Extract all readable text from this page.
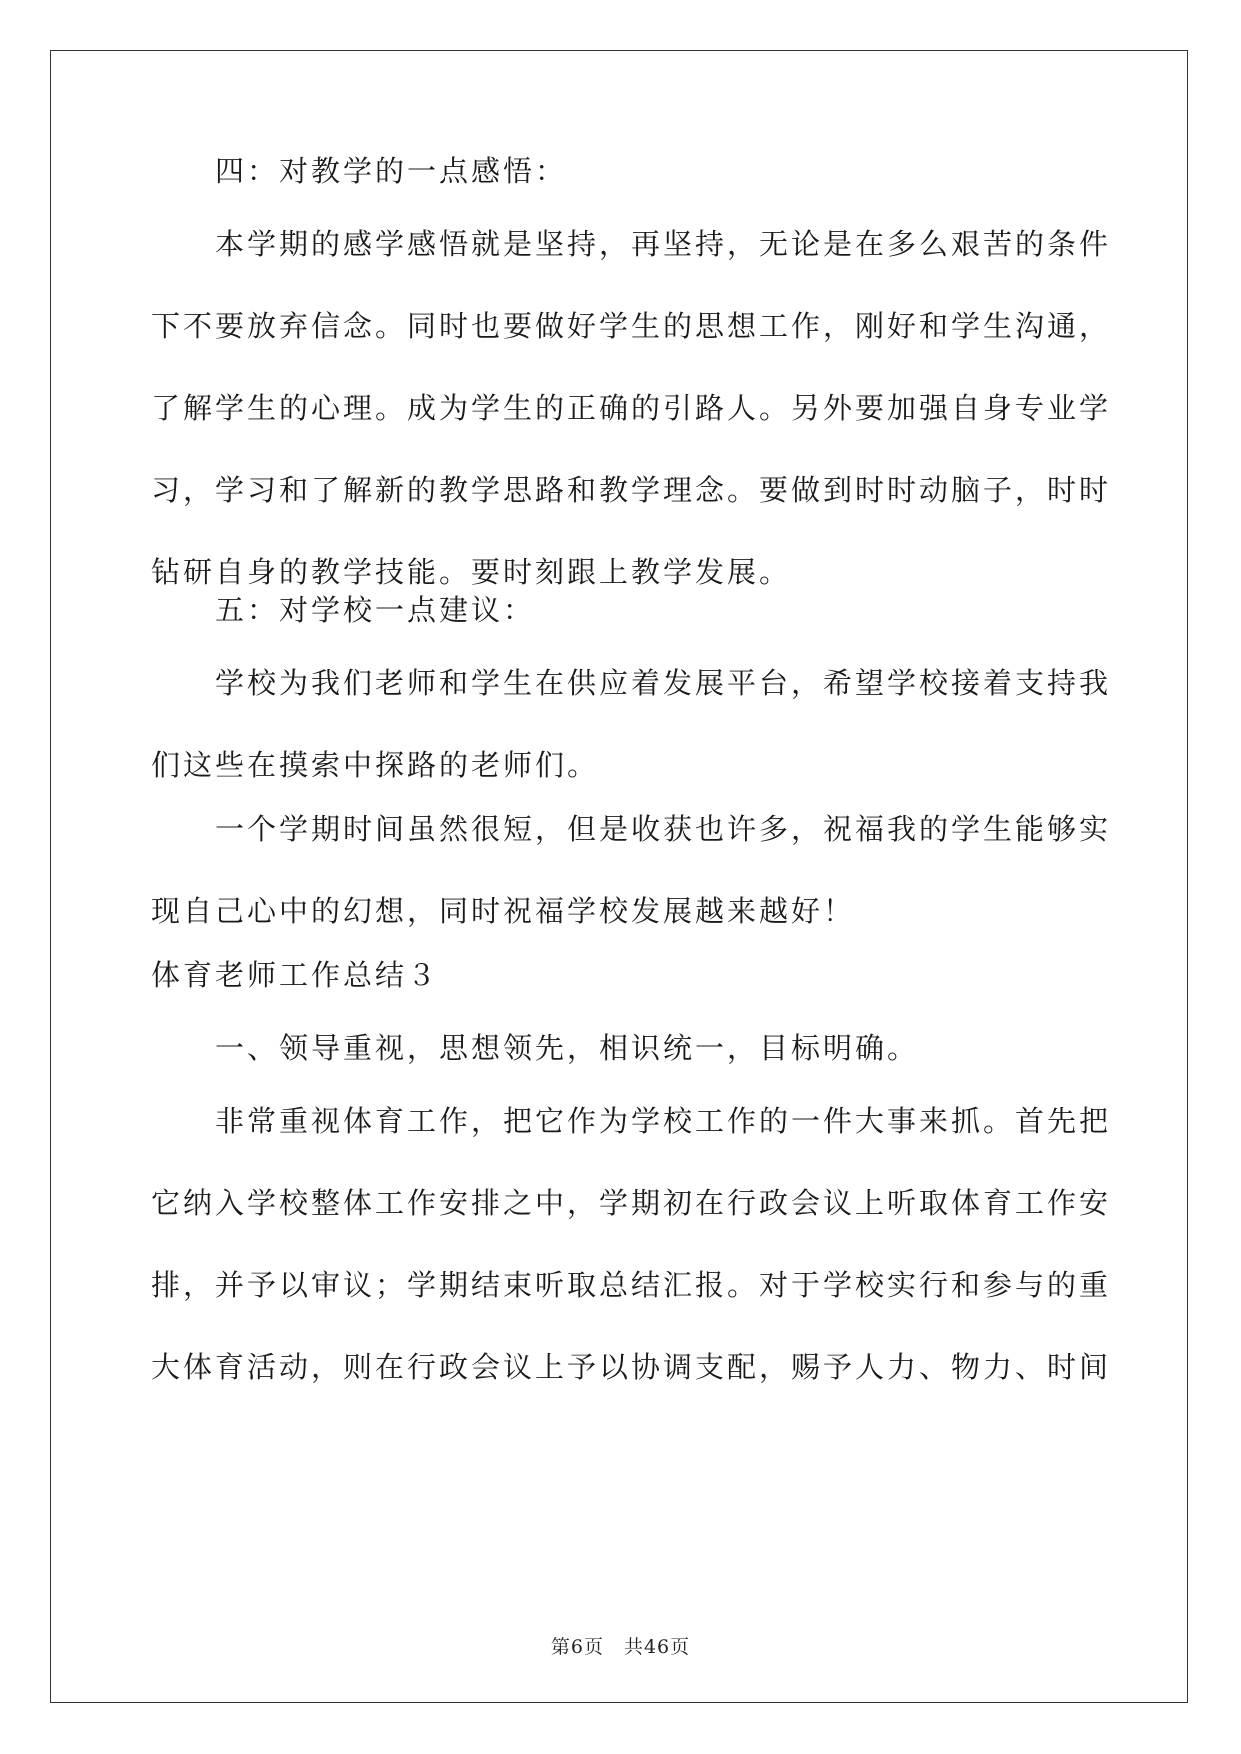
四：对教学的一点感悟：
本学期的感学感悟就是坚持，再坚持，无论是在多么艰苦的条件
下不要放弃信念。同时也要做好学生的思想工作，刚好和学生沟通，
了解学生的心理。成为学生的正确的引路人。另外要加强自身专业学
习，学习和了解新的教学思路和教学理念。要做到时时动脑子，时时
钻研自身的教学技能。要时刻跟上教学发展。
五：对学校一点建议：
学校为我们老师和学生在供应着发展平台，希望学校接着支持我
们这些在摸索中探路的老师们。
一个学期时间虽然很短，但是收获也许多，祝福我的学生能够实
现自己心中的幻想，同时祝福学校发展越来越好！
体育老师工作总结３
一、领导重视，思想领先，相识统一，目标明确。
非常重视体育工作，把它作为学校工作的一件大事来抓。首先把
它纳入学校整体工作安排之中，学期初在行政会议上听取体育工作安
排，并予以审议；学期结束听取总结汇报。对于学校实行和参与的重
大体育活动，则在行政会议上予以协调支配，赐予人力、物力、时间
第6页 共46页
